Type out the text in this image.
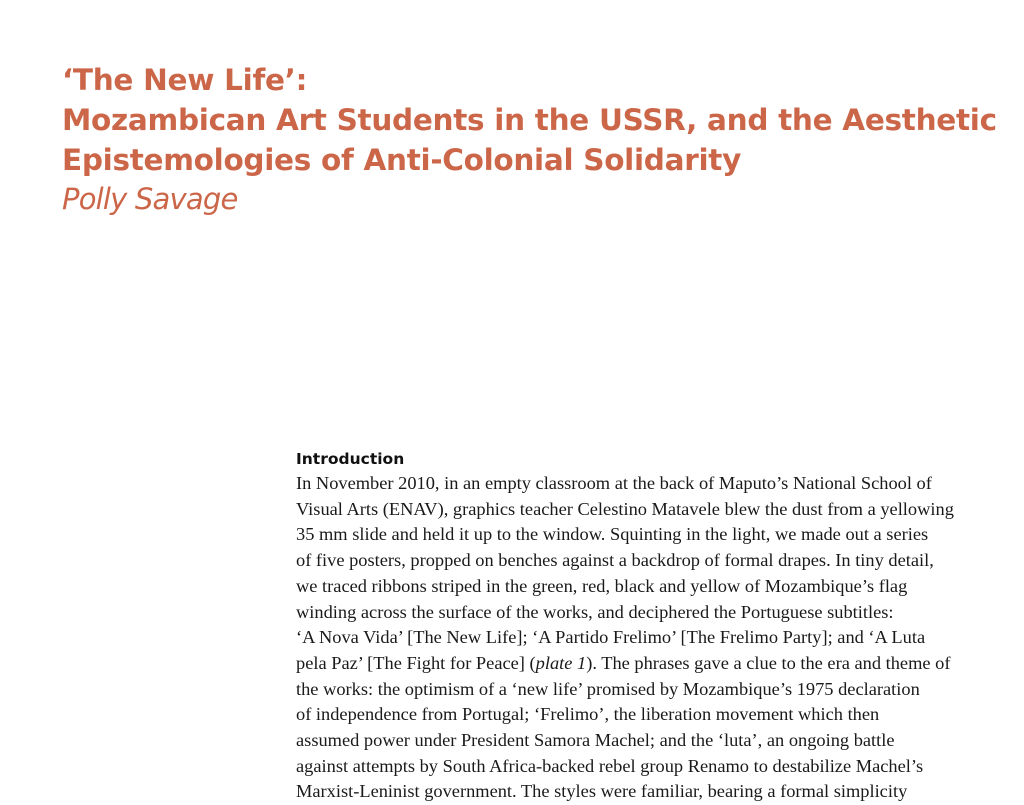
‘The New Life’:
Mozambican Art Students in the USSR, and the Aesthetic
Epistemologies of Anti-Colonial Solidarity
Polly Savage
Introduction
In November 2010, in an empty classroom at the back of Maputo’s National School of
Visual Arts (ENAV), graphics teacher Celestino Matavele blew the dust from a yellowing
35 mm slide and held it up to the window. Squinting in the light, we made out a series
of five posters, propped on benches against a backdrop of formal drapes. In tiny detail,
we traced ribbons striped in the green, red, black and yellow of Mozambique’s flag
winding across the surface of the works, and deciphered the Portuguese subtitles:
‘A Nova Vida’ [The New Life]; ‘A Partido Frelimo’ [The Frelimo Party]; and ‘A Luta
pela Paz’ [The Fight for Peace] (plate 1). The phrases gave a clue to the era and theme of
the works: the optimism of a ‘new life’ promised by Mozambique’s 1975 declaration
of independence from Portugal; ‘Frelimo’, the liberation movement which then
assumed power under President Samora Machel; and the ‘luta’, an ongoing battle
against attempts by South Africa-backed rebel group Renamo to destabilize Machel’s
Marxist-Leninist government. The styles were familiar, bearing a formal simplicity
